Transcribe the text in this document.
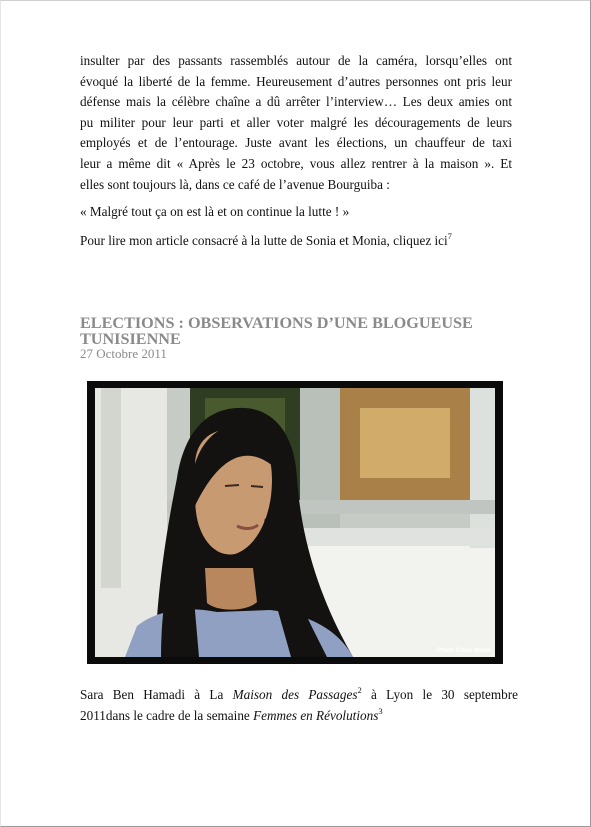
insulter par des passants rassemblés autour de la caméra, lorsqu’elles ont
évoqué la liberté de la femme. Heureusement d’autres personnes ont pris leur
défense mais la célèbre chaîne a dû arrêter l’interview… Les deux amies ont
pu militer pour leur parti et aller voter malgré les découragements de leurs
employés et de l’entourage. Juste avant les élections, un chauffeur de taxi
leur a même dit « Après le 23 octobre, vous allez rentrer à la maison ». Et
elles sont toujours là, dans ce café de l’avenue Bourguiba :
« Malgré tout ça on est là et on continue la lutte ! »
Pour lire mon article consacré à la lutte de Sonia et Monia, cliquez ici$^7$
ELECTIONS : OBSERVATIONS D’UNE BLOGUEUSE
TUNISIENNE
27 Octobre 2011
Photo Claire Malen
Sara Ben Hamadi à La Maison des Passages$^2$ à Lyon le 30 septembre
2011dans le cadre de la semaine Femmes en Révolutions$^3$
